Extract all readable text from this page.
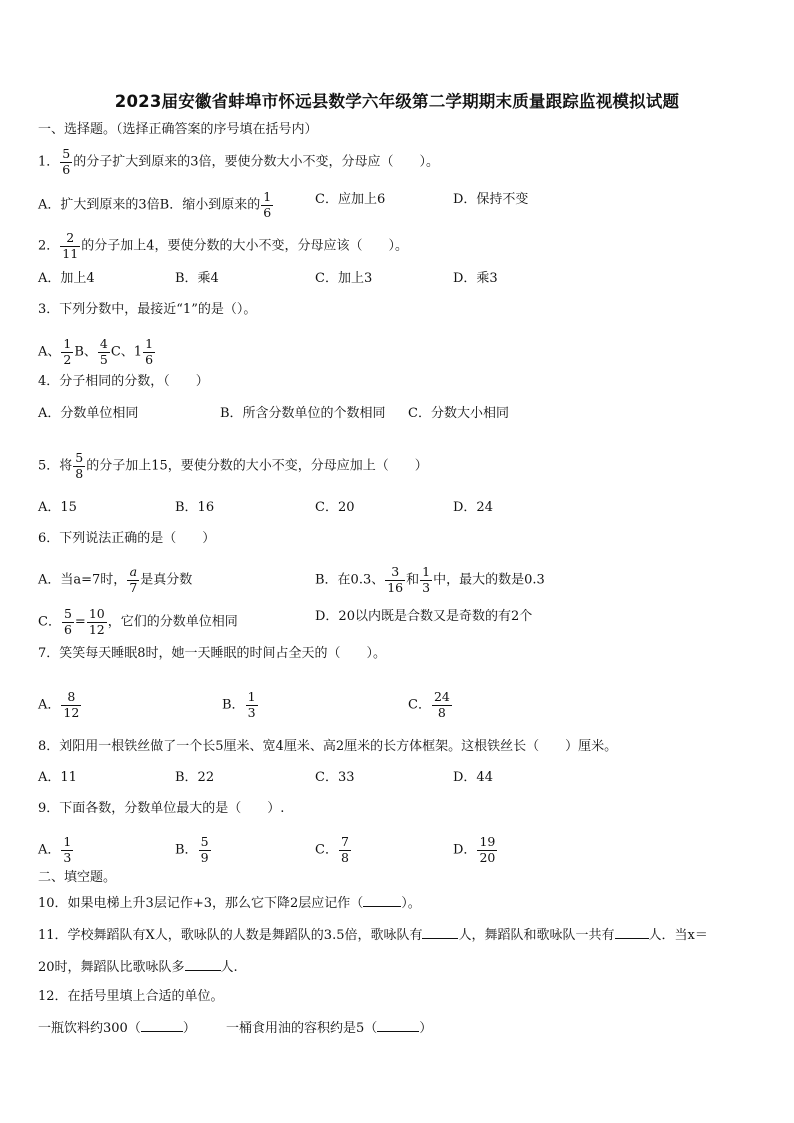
2023届安徽省蚌埠市怀远县数学六年级第二学期期末质量跟踪监视模拟试题
一、选择题。（选择正确答案的序号填在括号内）
1． $\frac{5}{6}$ 的分子扩大到原来的3倍，要使分数大小不变，分母应（　　）。
A．扩大到原来的3倍B．缩小到原来的 $\frac{1}{6}$	C．应加上6	D．保持不变
2． $\frac{2}{11}$ 的分子加上4，要使分数的大小不变，分母应该（　　）。
A．加上4	B．乘4	C．加上3	D．乘3
3．下列分数中，最接近“1”的是（）。
A、 $\frac{1}{2}$ B、 $\frac{4}{5}$ C、$1 \frac{1}{6}$
4．分子相同的分数，（　　）
A．分数单位相同	B．所含分数单位的个数相同 C．分数大小相同
5．将 $\frac{5}{8}$ 的分子加上15，要使分数的大小不变，分母应加上（　　）
A．15	B．16	C．20	D．24
6．下列说法正确的是（　　）
A．当a=7时， $\frac{a}{7}$ 是真分数	B．在0.3、 $\frac{3}{16}$ 和 $\frac{1}{3}$ 中，最大的数是0.3
C． $\frac{5}{6} = \frac{10}{12}$ ，它们的分数单位相同	D．20以内既是合数又是奇数的有2个
7．笑笑每天睡眠8时，她一天睡眠的时间占全天的（　　）。
A． $\frac{8}{12}$	B． $\frac{1}{3}$	C． $\frac{24}{8}$
8．刘阳用一根铁丝做了一个长5厘米、宽4厘米、高2厘米的长方体框架。这根铁丝长（　　）厘米。
A．11	B．22	C．33	D．44
9．下面各数，分数单位最大的是（　　）.
A． $\frac{1}{3}$	B． $\frac{5}{9}$	C． $\frac{7}{8}$	D． $\frac{19}{20}$
二、填空题。
10．如果电梯上升3层记作+3，那么它下降2层应记作（	）。
11．学校舞蹈队有X人，歌咏队的人数是舞蹈队的3.5倍，歌咏队有	人，舞蹈队和歌咏队一共有	人．当x＝
20时，舞蹈队比歌咏队多	人.
12．在括号里填上合适的单位。
一瓶饮料约300（	） 一桶食用油的容积约是5（	）
